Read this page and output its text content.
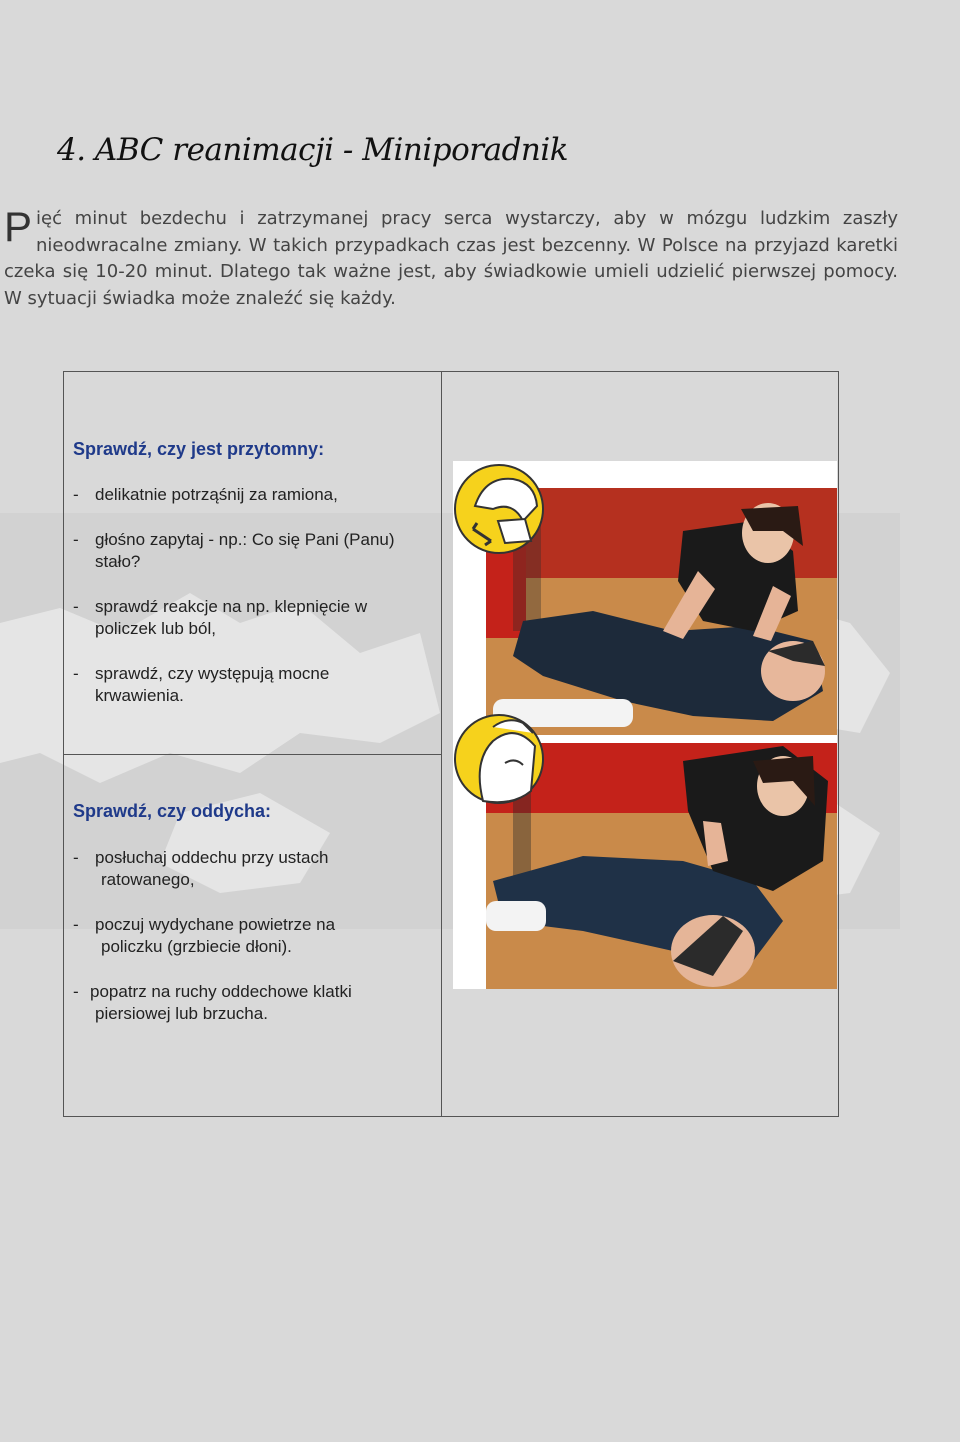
4. ABC reanimacji - Miniporadnik

Pięć minut bezdechu i zatrzymanej pracy serca wystarczy, aby w mózgu ludzkim zaszły nieodwracalne zmiany. W takich przypadkach czas jest bezcenny. W Polsce na przyjazd karetki czeka się 10-20 minut. Dlatego tak ważne jest, aby świadkowie umieli udzielić pierwszej pomocy. W sytuacji świadka może znaleźć się każdy.

Sprawdź, czy jest przytomny:

- delikatnie potrząśnij za ramiona,
- głośno zapytaj - np.: Co się Pani (Panu)
stało?
- sprawdź reakcje na np. klepnięcie w
policzek lub ból,
- sprawdź, czy występują mocne
krwawienia.

Sprawdź, czy oddycha:

- posłuchaj oddechu przy ustach
ratowanego,
- poczuj wydychane powietrze na
policzku (grzbiecie dłoni).
- popatrz na ruchy oddechowe klatki
piersiowej lub brzucha.
